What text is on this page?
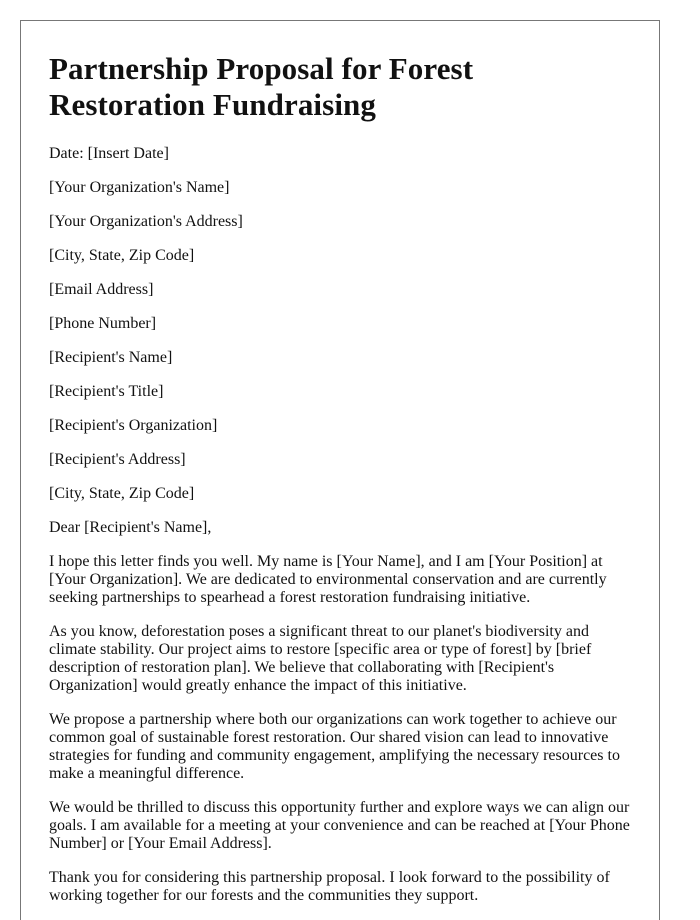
Partnership Proposal for Forest Restoration Fundraising
Date: [Insert Date]
[Your Organization's Name]
[Your Organization's Address]
[City, State, Zip Code]
[Email Address]
[Phone Number]
[Recipient's Name]
[Recipient's Title]
[Recipient's Organization]
[Recipient's Address]
[City, State, Zip Code]
Dear [Recipient's Name],

I hope this letter finds you well. My name is [Your Name], and I am [Your Position] at [Your Organization]. We are dedicated to environmental conservation and are currently seeking partnerships to spearhead a forest restoration fundraising initiative.

As you know, deforestation poses a significant threat to our planet's biodiversity and climate stability. Our project aims to restore [specific area or type of forest] by [brief description of restoration plan]. We believe that collaborating with [Recipient's Organization] would greatly enhance the impact of this initiative.

We propose a partnership where both our organizations can work together to achieve our common goal of sustainable forest restoration. Our shared vision can lead to innovative strategies for funding and community engagement, amplifying the necessary resources to make a meaningful difference.

We would be thrilled to discuss this opportunity further and explore ways we can align our goals. I am available for a meeting at your convenience and can be reached at [Your Phone Number] or [Your Email Address].

Thank you for considering this partnership proposal. I look forward to the possibility of working together for our forests and the communities they support.
